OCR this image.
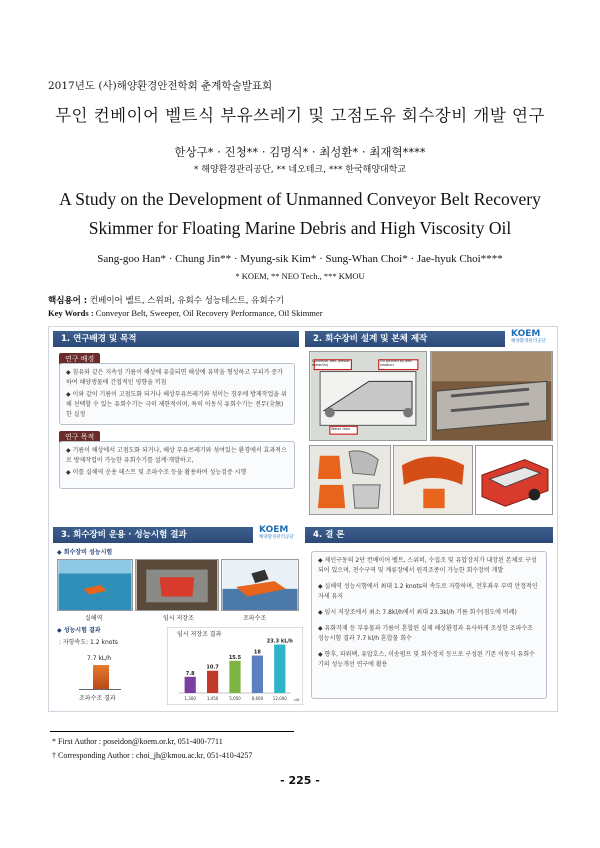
2017년도 (사)해양환경안전학회 춘계학술발표회
무인 컨베이어 벨트식 부유쓰레기 및 고점도유 회수장비 개발 연구
한상구* · 진청** · 김명식* · 최성환* · 최재혁****
* 해양환경관리공단, ** 네오테크, *** 한국해양대학교
A Study on the Development of Unmanned Conveyor Belt Recovery
Skimmer for Floating Marine Debris and High Viscosity Oil
Sang-goo Han* · Chung Jin** · Myung-sik Kim* · Sung-Whan Choi* · Jae-hyuk Choi****
* KOEM, ** NEO Tech., *** KMOU
핵심용어 : 컨베이어 벨트, 스위퍼, 유회수 성능테스트, 유회수기
Key Words : Conveyor Belt, Sweeper, Oil Recovery Performance, Oil Skimmer
1. 연구배경 및 목적
연구 배경

◆ 침유와 같은 지속성 기름이 해상에 유출되면 해상에 유막을 형성하고 부피가 증가하여 해양생물에 간접적인 영향을 끼침

◆ 이와 같이 기름이 고점도화 되거나 해상부유쓰레기와 섞이는 경우에 방제작업을 위해 선택할 수 있는 유회수기는 극히 제한적이며, 특히 이동식 유회수기는 전무(全無)한 실정

연구 목적

◆ 기름이 해상에서 고점도화 되거나, 해상 부유쓰레기와 섞여있는 환경에서 효과적으로 방제작업이 가능한 유회수기를 설계·개발하고,

◆ 이를 실해역 운용 테스트 및 조파수조 등을 활용하여 성능검증 시행

2. 회수장비 설계 및 본체 제작	KOEM
해양환경관리공단
Conveyor belt (Kevlar material)
Oil pushed by belt rotation
Water Hole
3. 회수장비 운용 · 성능시험 결과	KOEM
해양환경관리공단
◆ 회수장비 성능시험
실해역	임시 저장조	조파수조
◆ 성능시험 결과
: 자항속도: 1.2 knots
7.7 kL/h
조파수조 결과
임시 저장조 결과
7.8
1,300
10.7
1,450
15.5
5,050
18
8,600
23.3 kL/h
12,000 cSt
4. 결 론

◆ 제인구동의 2단 컨베이어 벨트, 스위퍼, 수집조 및 유압장치가 내장된 본체로 구성되어 있으며, 천수구역 및 계류장에서 원격조종이 가능한 회수장비 개발

◆ 실해역 성능시험에서 최대 1.2 knots의 속도로 자항하며, 전후좌우 부력 안정적인 자세 유지

◆ 임시 저장조에서 최소 7.8kl/h에서 최대 23.3kl/h 기름 회수(점도에 비례)

◆ 유화작재 등 부유물과 기름이 혼합된 실제 해상환경과 유사하게 조성한 조파수조 성능시험 결과 7.7 kl/h 혼합물 회수

◆ 향후, 파워팩, 유압호스, 이송펌프 및 회수장치 등으로 구성된 기존 이동식 유회수기의 성능개선 연구에 활용

* First Author : poseidon@koem.or.kr, 051-400-7711
† Corresponding Author : choi_jh@kmou.ac.kr, 051-410-4257
- 225 -
